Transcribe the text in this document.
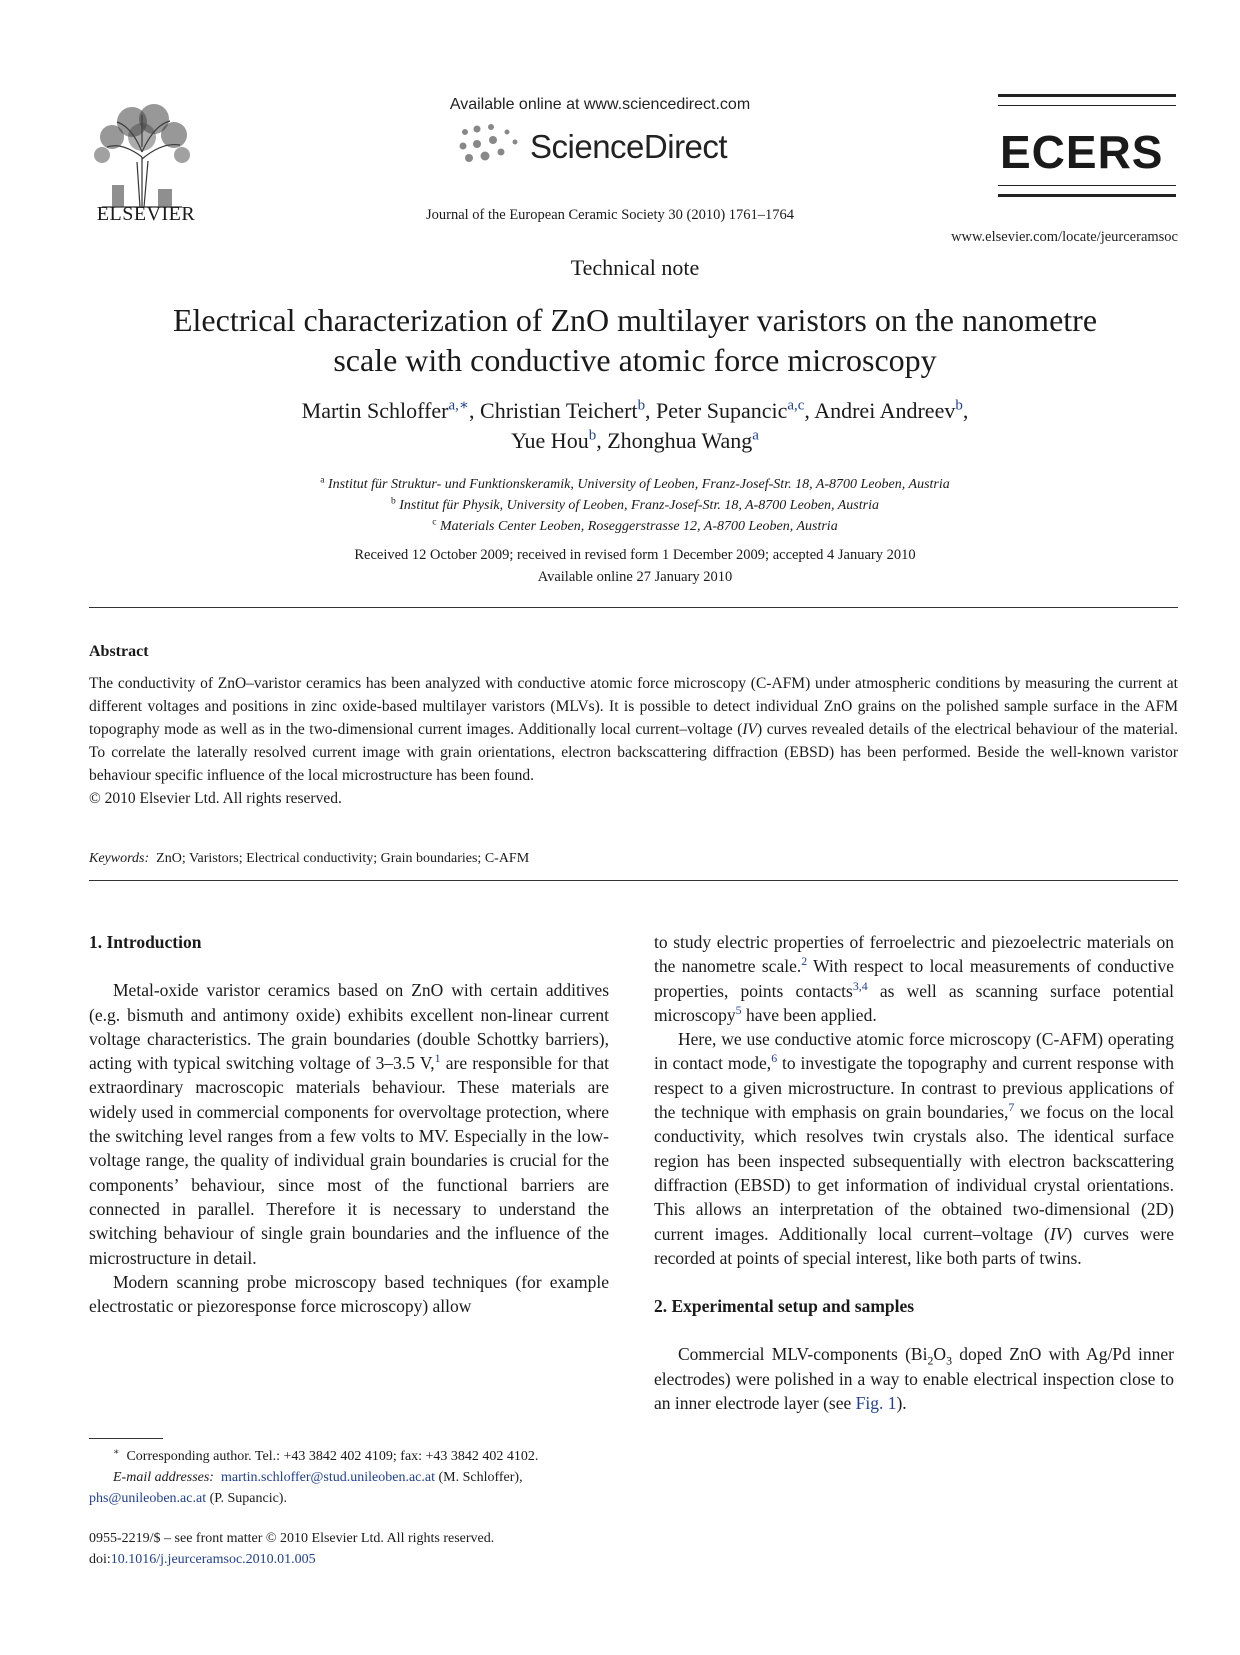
ELSEVIER
Available online at www.sciencedirect.com
ScienceDirect
Journal of the European Ceramic Society 30 (2010) 1761–1764
ECERS
www.elsevier.com/locate/jeurceramsoc
Technical note
Electrical characterization of ZnO multilayer varistors on the nanometre
scale with conductive atomic force microscopy
Martin Schloffer$^{a,∗}$, Christian Teichert$^b$, Peter Supancic$^{a,c}$, Andrei Andreev$^b$,
Yue Hou$^b$, Zhonghua Wang$^a$
$^a$ Institut für Struktur- und Funktionskeramik, University of Leoben, Franz-Josef-Str. 18, A-8700 Leoben, Austria
$^b$ Institut für Physik, University of Leoben, Franz-Josef-Str. 18, A-8700 Leoben, Austria
$^c$ Materials Center Leoben, Roseggerstrasse 12, A-8700 Leoben, Austria
Received 12 October 2009; received in revised form 1 December 2009; accepted 4 January 2010
Available online 27 January 2010
Abstract
The conductivity of ZnO–varistor ceramics has been analyzed with conductive atomic force microscopy (C-AFM) under atmospheric conditions by measuring the current at different voltages and positions in zinc oxide-based multilayer varistors (MLVs). It is possible to detect individual ZnO grains on the polished sample surface in the AFM topography mode as well as in the two-dimensional current images. Additionally local current–voltage (IV) curves revealed details of the electrical behaviour of the material. To correlate the laterally resolved current image with grain orientations, electron backscattering diffraction (EBSD) has been performed. Beside the well-known varistor behaviour specific influence of the local microstructure has been found.
© 2010 Elsevier Ltd. All rights reserved.
Keywords: ZnO; Varistors; Electrical conductivity; Grain boundaries; C-AFM
1. Introduction

Metal-oxide varistor ceramics based on ZnO with certain additives (e.g. bismuth and antimony oxide) exhibits excellent non-linear current voltage characteristics. The grain boundaries (double Schottky barriers), acting with typical switching voltage of 3–3.5 V,$^1$ are responsible for that extraordinary macroscopic materials behaviour. These materials are widely used in commercial components for overvoltage protection, where the switching level ranges from a few volts to MV. Especially in the low-voltage range, the quality of individual grain boundaries is crucial for the components’ behaviour, since most of the functional barriers are connected in parallel. Therefore it is necessary to understand the switching behaviour of single grain boundaries and the influence of the microstructure in detail.

Modern scanning probe microscopy based techniques (for example electrostatic or piezoresponse force microscopy) allow

to study electric properties of ferroelectric and piezoelectric materials on the nanometre scale.$^2$ With respect to local measurements of conductive properties, points contacts$^{3,4}$ as well as scanning surface potential microscopy$^5$ have been applied.

Here, we use conductive atomic force microscopy (C-AFM) operating in contact mode,$^6$ to investigate the topography and current response with respect to a given microstructure. In contrast to previous applications of the technique with emphasis on grain boundaries,$^7$ we focus on the local conductivity, which resolves twin crystals also. The identical surface region has been inspected subsequentially with electron backscattering diffraction (EBSD) to get information of individual crystal orientations. This allows an interpretation of the obtained two-dimensional (2D) current images. Additionally local current–voltage (IV) curves were recorded at points of special interest, like both parts of twins.

2. Experimental setup and samples

Commercial MLV-components ($Bi_2O_3$ doped ZnO with Ag/Pd inner electrodes) were polished in a way to enable electrical inspection close to an inner electrode layer (see Fig. 1).

∗ Corresponding author. Tel.: +43 3842 402 4109; fax: +43 3842 402 4102.

E-mail addresses: martin.schloffer@stud.unileoben.ac.at (M. Schloffer),

phs@unileoben.ac.at (P. Supancic).

0955-2219/$ – see front matter © 2010 Elsevier Ltd. All rights reserved.
doi:10.1016/j.jeurceramsoc.2010.01.005
